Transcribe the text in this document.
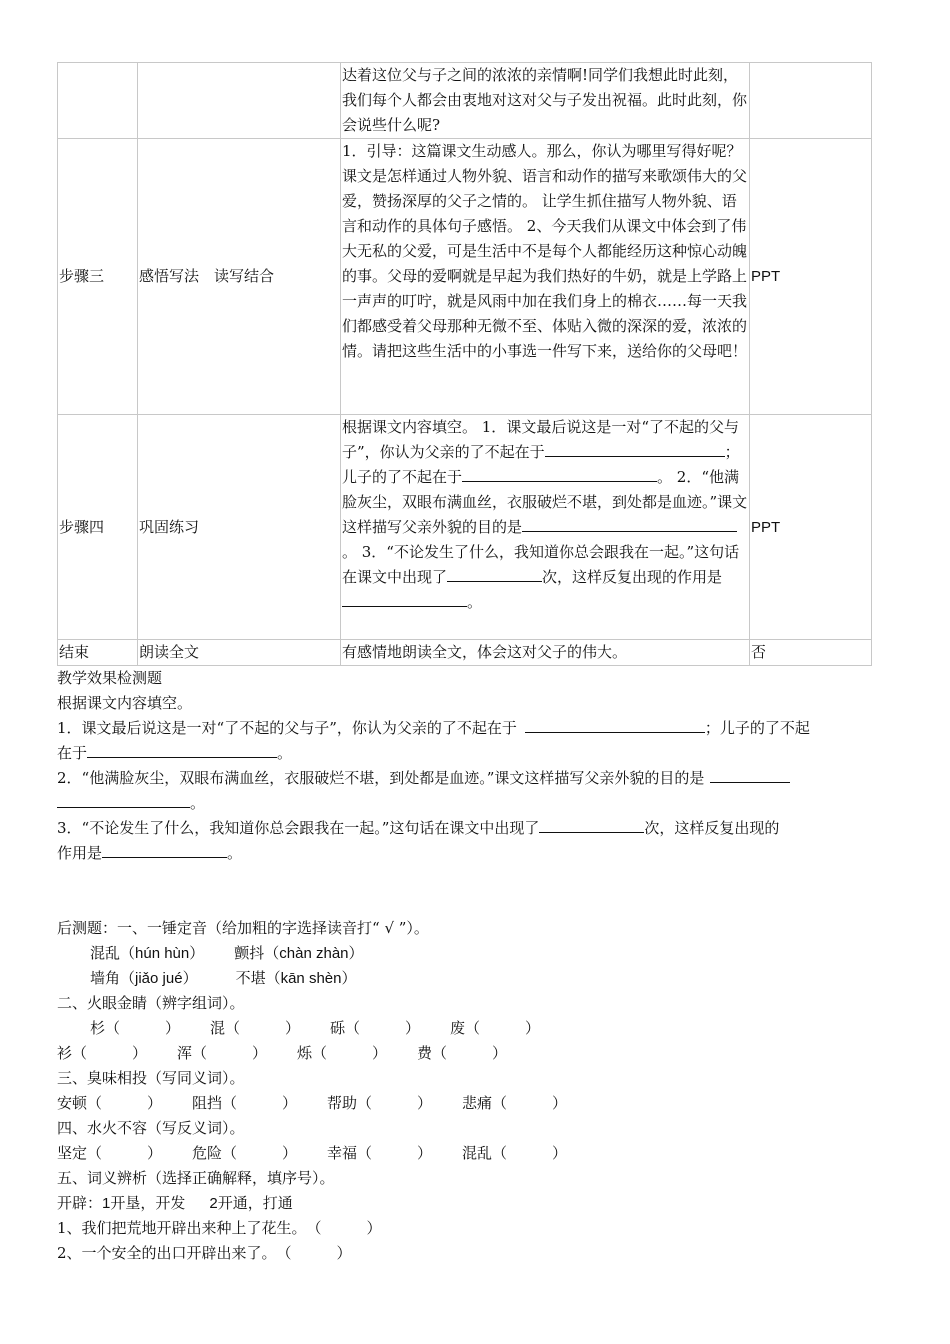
		达着这位父与子之间的浓浓的亲情啊!同学们我想此时此刻，我们每个人都会由衷地对这对父与子发出祝福。此时此刻，你会说些什么呢?	
步骤三	感悟写法　读写结合	1．引导：这篇课文生动感人。那么，你认为哪里写得好呢？课文是怎样通过人物外貌、语言和动作的描写来歌颂伟大的父爱，赞扬深厚的父子之情的。 让学生抓住描写人物外貌、语言和动作的具体句子感悟。 2、今天我们从课文中体会到了伟大无私的父爱，可是生活中不是每个人都能经历这种惊心动魄的事。父母的爱啊就是早起为我们热好的牛奶，就是上学路上一声声的叮咛，就是风雨中加在我们身上的棉衣……每一天我们都感受着父母那种无微不至、体贴入微的深深的爱，浓浓的情。请把这些生活中的小事选一件写下来，送给你的父母吧！	PPT
步骤四	巩固练习	根据课文内容填空。 1．课文最后说这是一对“了不起的父与子”，你认为父亲的了不起在于 ；儿子的了不起在于 。 2．“他满脸灰尘，双眼布满血丝，衣服破烂不堪，到处都是血迹。”课文这样描写父亲外貌的目的是。 3．“不论发生了什么，我知道你总会跟我在一起。”这句话在课文中出现了 次，这样反复出现的作用是。	PPT
结束	朗读全文	有感情地朗读全文，体会这对父子的伟大。	否
教学效果检测题
根据课文内容填空。
1．课文最后说这是一对“了不起的父与子”，你认为父亲的了不起在于	；儿子的了不起
在于	。
2．“他满脸灰尘，双眼布满血丝，衣服破烂不堪，到处都是血迹。”课文这样描写父亲外貌的目的是
。
3．“不论发生了什么，我知道你总会跟我在一起。”这句话在课文中出现了	次，这样反复出现的
作用是	。
后测题：一、一锤定音（给加粗的字选择读音打“ √ ”）。
混乱（hún hùn） 颤抖（chàn zhàn）
墙角（jiǎo jué）	不堪（kān shèn）
二、火眼金睛（辨字组词）。
杉（　　　） 混（　　　） 砾（　　　） 废（　　　）
衫（　　　） 浑（　　　） 烁（　　　） 费（　　　）
三、臭味相投（写同义词）。
安顿（　　　） 阻挡（　　　） 帮助（　　　） 悲痛（　　　）
四、水火不容（写反义词）。
坚定（　　　） 危险（　　　） 幸福（　　　） 混乱（　　　）
五、词义辨析（选择正确解释，填序号）。
开辟：1开垦，开发 2开通，打通
1、我们把荒地开辟出来种上了花生。　（　　　）
2、一个安全的出口开辟出来了。　（　　　）
